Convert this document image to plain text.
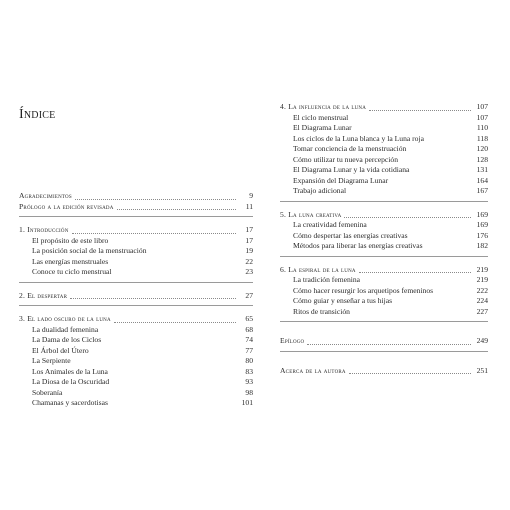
Índice
Agradecimientos	9
Prólogo a la edición revisada	11
1. Introducción	17
El propósito de este libro	17
La posición social de la menstruación	19
Las energías menstruales	22
Conoce tu ciclo menstrual	23
2. El despertar	27
3. El lado oscuro de la luna	65
La dualidad femenina	68
La Dama de los Ciclos	74
El Árbol del Útero	77
La Serpiente	80
Los Animales de la Luna	83
La Diosa de la Oscuridad	93
Soberanía	98
Chamanas y sacerdotisas	101
4. La influencia de la luna	107
El ciclo menstrual	107
El Diagrama Lunar	110
Los ciclos de la Luna blanca y la Luna roja	118
Tomar conciencia de la menstruación	120
Cómo utilizar tu nueva percepción	128
El Diagrama Lunar y la vida cotidiana	131
Expansión del Diagrama Lunar	164
Trabajo adicional	167
5. La luna creativa	169
La creatividad femenina	169
Cómo despertar las energías creativas	176
Métodos para liberar las energías creativas	182
6. La espiral de la luna	219
La tradición femenina	219
Cómo hacer resurgir los arquetipos femeninos	222
Cómo guiar y enseñar a tus hijas	224
Ritos de transición	227
Epílogo	249
Acerca de la autora	251
